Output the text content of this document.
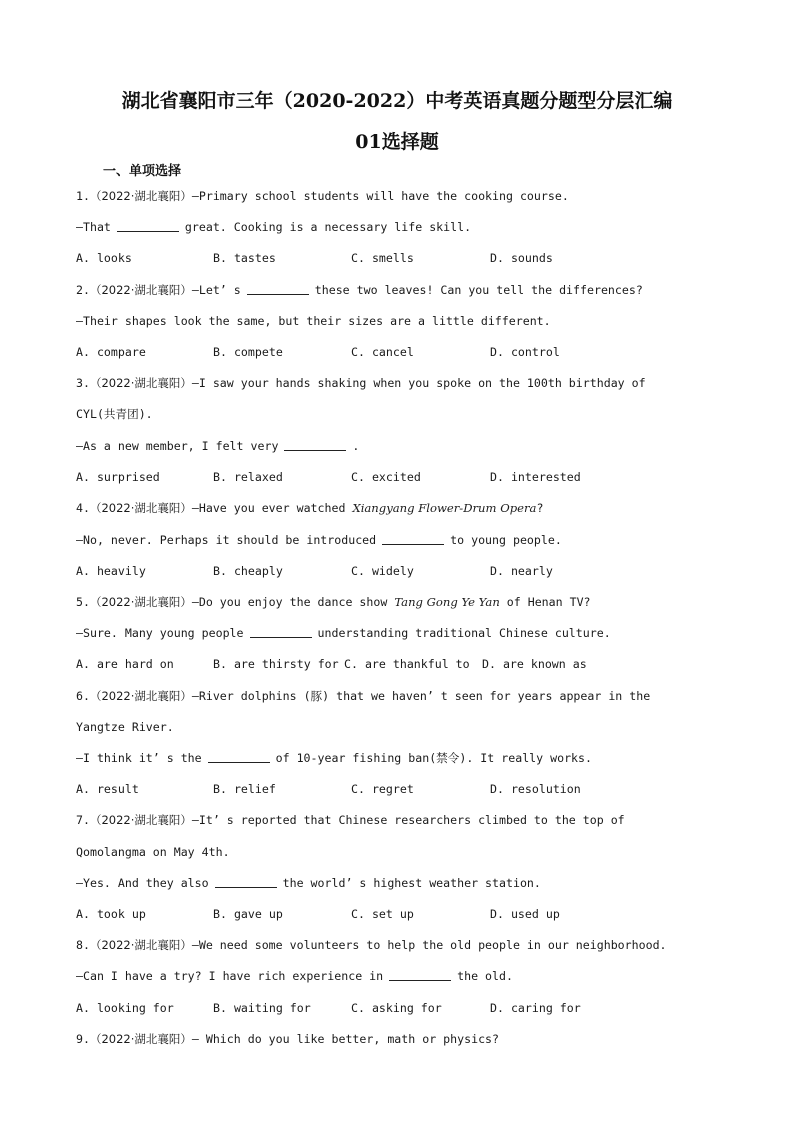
湖北省襄阳市三年（2020-2022）中考英语真题分题型分层汇编
01选择题
一、单项选择
1.（2022·湖北襄阳）—Primary school students will have the cooking course.
—That	great. Cooking is a necessary life skill.
A. looks	B. tastes	C. smells	D. sounds
2.（2022·湖北襄阳）—Let’ s	these two leaves! Can you tell the differences?
—Their shapes look the same, but their sizes are a little different.
A. compare	B. compete	C. cancel	D. control
3.（2022·湖北襄阳）—I saw your hands shaking when you spoke on the 100th birthday of
CYL(共青团).
—As a new member, I felt very	.
A. surprised	B. relaxed	C. excited	D. interested
4.（2022·湖北襄阳）—Have you ever watched Xiangyang Flower-Drum Opera?
—No, never. Perhaps it should be introduced	to young people.
A. heavily	B. cheaply	C. widely	D. nearly
5.（2022·湖北襄阳）—Do you enjoy the dance show Tang Gong Ye Yan of Henan TV?
—Sure. Many young people	understanding traditional Chinese culture.
A. are hard on	B. are thirsty for C. are thankful to D. are known as
6.（2022·湖北襄阳）—River dolphins (豚) that we haven’ t seen for years appear in the
Yangtze River.
—I think it’ s the	of 10-year fishing ban(禁令). It really works.
A. result	B. relief	C. regret	D. resolution
7.（2022·湖北襄阳）—It’ s reported that Chinese researchers climbed to the top of
Qomolangma on May 4th.
—Yes. And they also	the world’ s highest weather station.
A. took up	B. gave up	C. set up	D. used up
8.（2022·湖北襄阳）—We need some volunteers to help the old people in our neighborhood.
—Can I have a try? I have rich experience in	the old.
A. looking for	B. waiting for	C. asking for	D. caring for
9.（2022·湖北襄阳）— Which do you like better, math or physics?
